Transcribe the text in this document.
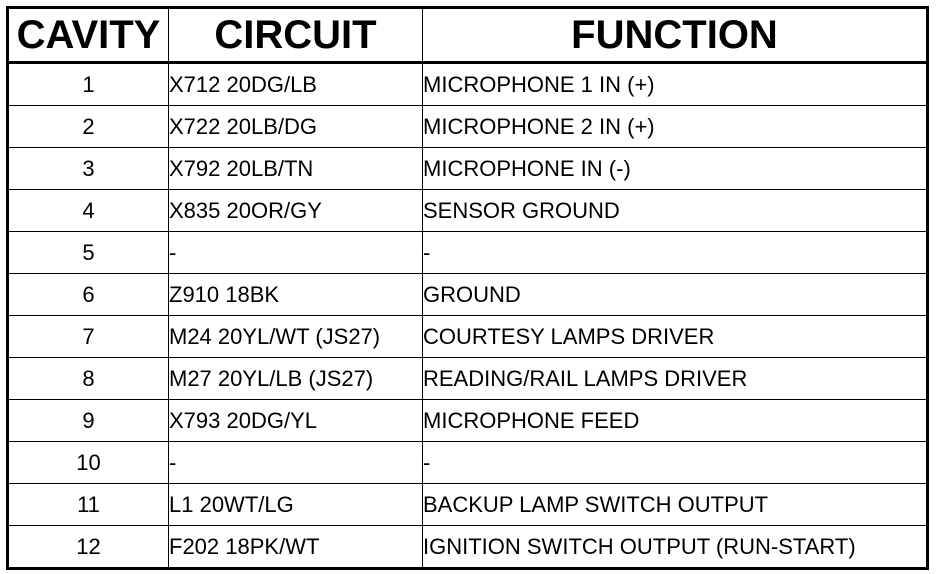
CAVITY	CIRCUIT	FUNCTION
1	X712 20DG/LB	MICROPHONE 1 IN (+)
2	X722 20LB/DG	MICROPHONE 2 IN (+)
3	X792 20LB/TN	MICROPHONE IN (-)
4	X835 20OR/GY	SENSOR GROUND
5	-	-
6	Z910 18BK	GROUND
7	M24 20YL/WT (JS27)	COURTESY LAMPS DRIVER
8	M27 20YL/LB (JS27)	READING/RAIL LAMPS DRIVER
9	X793 20DG/YL	MICROPHONE FEED
10	-	-
11	L1 20WT/LG	BACKUP LAMP SWITCH OUTPUT
12	F202 18PK/WT	IGNITION SWITCH OUTPUT (RUN-START)
